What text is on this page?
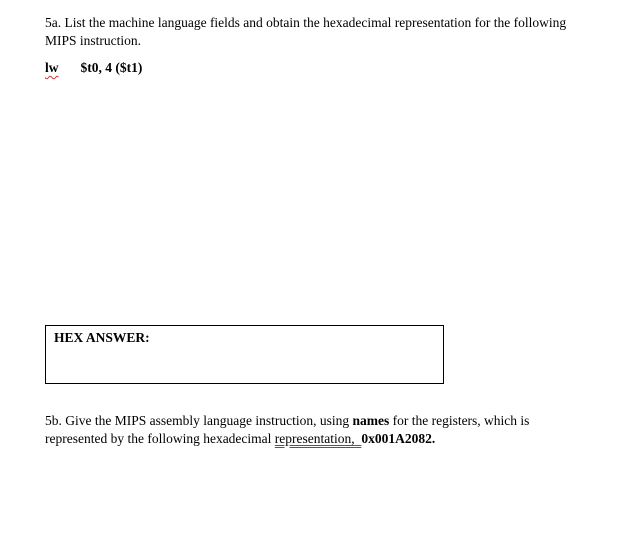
5a. List the machine language fields and obtain the hexadecimal representation for the following

MIPS instruction.

lw $t0, 4 ($t1)

HEX ANSWER:

5b. Give the MIPS assembly language instruction, using names for the registers, which is

represented by the following hexadecimal representation, 0x001A2082.
